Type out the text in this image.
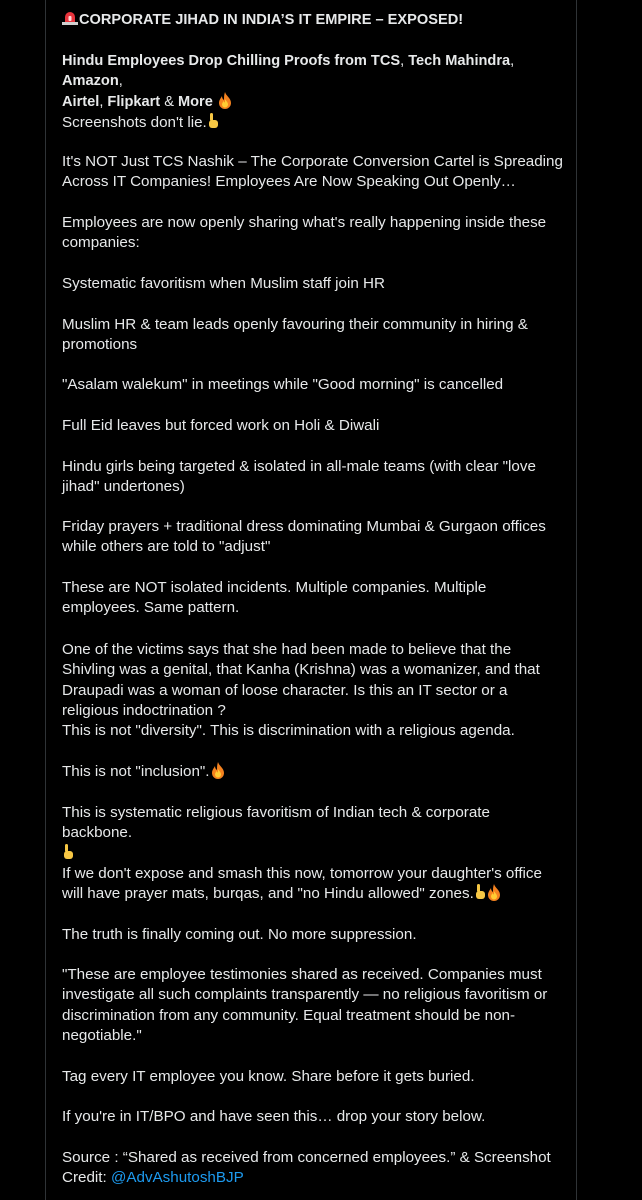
CORPORATE JIHAD IN INDIA’S IT EMPIRE – EXPOSED!

Hindu Employees Drop Chilling Proofs from TCS, Tech Mahindra, Amazon,
Airtel, Flipkart & More

Screenshots don't lie.

It's NOT Just TCS Nashik – The Corporate Conversion Cartel is Spreading Across IT Companies! Employees Are Now Speaking Out Openly…

Employees are now openly sharing what's really happening inside these companies:

Systematic favoritism when Muslim staff join HR

Muslim HR & team leads openly favouring their community in hiring & promotions

"Asalam walekum" in meetings while "Good morning" is cancelled

Full Eid leaves but forced work on Holi & Diwali

Hindu girls being targeted & isolated in all-male teams (with clear "love jihad" undertones)

Friday prayers + traditional dress dominating Mumbai & Gurgaon offices while others are told to "adjust"

These are NOT isolated incidents. Multiple companies. Multiple employees. Same pattern.

One of the victims says that she had been made to believe that the Shivling was a genital, that Kanha (Krishna) was a womanizer, and that Draupadi was a woman of loose character. Is this an IT sector or a religious indoctrination ?

This is not "diversity". This is discrimination with a religious agenda.

This is not "inclusion".

This is systematic religious favoritism of Indian tech & corporate backbone.

If we don't expose and smash this now, tomorrow your daughter's office will have prayer mats, burqas, and "no Hindu allowed" zones.

The truth is finally coming out. No more suppression.

"These are employee testimonies shared as received. Companies must investigate all such complaints transparently — no religious favoritism or discrimination from any community. Equal treatment should be non-negotiable."

Tag every IT employee you know. Share before it gets buried.

If you're in IT/BPO and have seen this… drop your story below.

Source : “Shared as received from concerned employees.” & Screenshot Credit: @AdvAshutoshBJP
